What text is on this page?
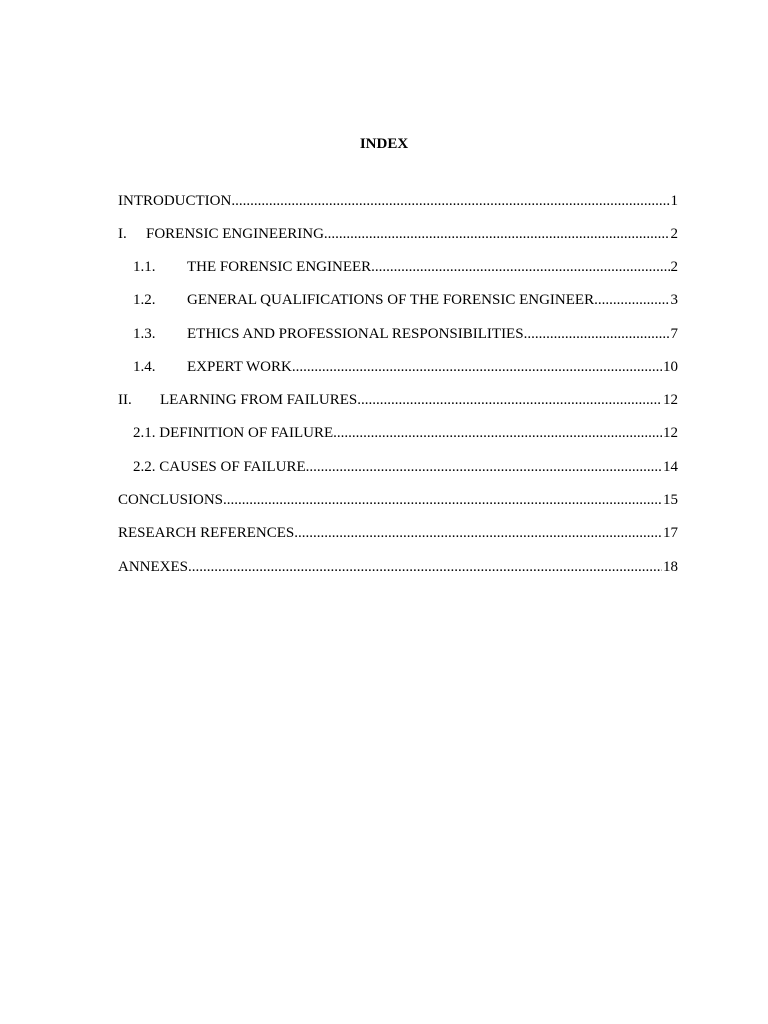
INDEX
INTRODUCTION .....	1
I.	FORENSIC ENGINEERING .....	2
1.1.	THE FORENSIC ENGINEER .....	2
1.2.	GENERAL QUALIFICATIONS OF THE FORENSIC ENGINEER .....	3
1.3.	ETHICS AND PROFESSIONAL RESPONSIBILITIES .....	7
1.4.	EXPERT WORK .....	10
II.	LEARNING FROM FAILURES .....	12
2.1. DEFINITION OF FAILURE .....	12
2.2. CAUSES OF FAILURE .....	14
CONCLUSIONS .....	15
RESEARCH REFERENCES .....	17
ANNEXES .....	18
